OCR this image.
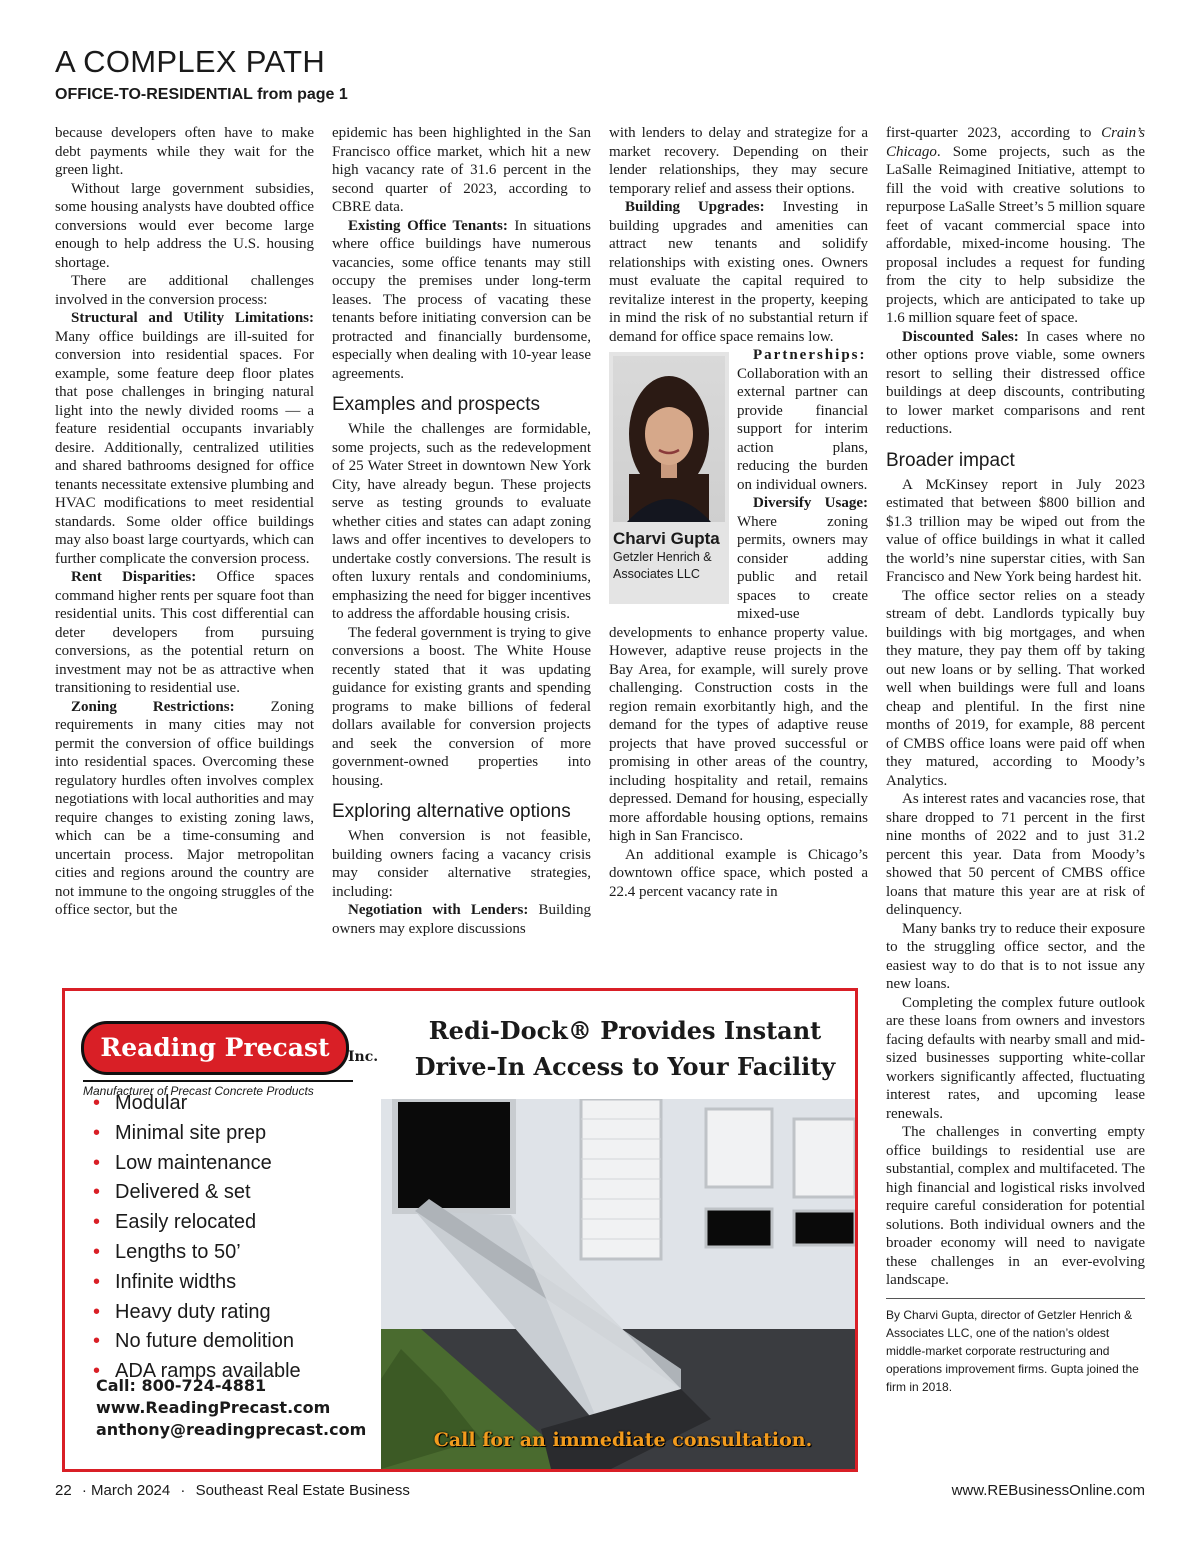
A COMPLEX PATH
OFFICE-TO-RESIDENTIAL from page 1

because developers often have to make debt payments while they wait for the green light.

Without large government subsidies, some housing analysts have doubted office conversions would ever become large enough to help address the U.S. housing shortage.

There are additional challenges involved in the conversion process:

Structural and Utility Limitations: Many office buildings are ill-suited for conversion into residential spaces. For example, some feature deep floor plates that pose challenges in bringing natural light into the newly divided rooms — a feature residential occupants invariably desire. Additionally, centralized utilities and shared bathrooms designed for office tenants necessitate extensive plumbing and HVAC modifications to meet residential standards. Some older office buildings may also boast large courtyards, which can further complicate the conversion process.

Rent Disparities: Office spaces command higher rents per square foot than residential units. This cost differential can deter developers from pursuing conversions, as the potential return on investment may not be as attractive when transitioning to residential use.

Zoning Restrictions: Zoning requirements in many cities may not permit the conversion of office buildings into residential spaces. Overcoming these regulatory hurdles often involves complex negotiations with local authorities and may require changes to existing zoning laws, which can be a time-consuming and uncertain process. Major metropolitan cities and regions around the country are not immune to the ongoing struggles of the office sector, but the

epidemic has been highlighted in the San Francisco office market, which hit a new high vacancy rate of 31.6 percent in the second quarter of 2023, according to CBRE data.

Existing Office Tenants: In situations where office buildings have numerous vacancies, some office tenants may still occupy the premises under long-term leases. The process of vacating these tenants before initiating conversion can be protracted and financially burdensome, especially when dealing with 10-year lease agreements.

Examples and prospects

While the challenges are formidable, some projects, such as the redevelopment of 25 Water Street in downtown New York City, have already begun. These projects serve as testing grounds to evaluate whether cities and states can adapt zoning laws and offer incentives to developers to undertake costly conversions. The result is often luxury rentals and condominiums, emphasizing the need for bigger incentives to address the affordable housing crisis.

The federal government is trying to give conversions a boost. The White House recently stated that it was updating guidance for existing grants and spending programs to make billions of federal dollars available for conversion projects and seek the conversion of more government-owned properties into housing.

Exploring alternative options

When conversion is not feasible, building owners facing a vacancy crisis may consider alternative strategies, including:

Negotiation with Lenders: Building owners may explore discussions

with lenders to delay and strategize for a market recovery. Depending on their lender relationships, they may secure temporary relief and assess their options.

Building Upgrades: Investing in building upgrades and amenities can attract new tenants and solidify relationships with existing ones. Owners must evaluate the capital required to revitalize interest in the property, keeping in mind the risk of no substantial return if demand for office space remains low.

Charvi Gupta
Getzler Henrich & Associates LLC

Partnerships: Collaboration with an external partner can provide financial support for interim action plans, reducing the burden on individual owners.

Diversify Usage: Where zoning permits, owners may consider adding public and retail spaces to create mixed-use developments to enhance property value. However, adaptive reuse projects in the Bay Area, for example, will surely prove challenging. Construction costs in the region remain exorbitantly high, and the demand for the types of adaptive reuse projects that have proved successful or promising in other areas of the country, including hospitality and retail, remains depressed. Demand for housing, especially more affordable housing options, remains high in San Francisco.

An additional example is Chicago’s downtown office space, which posted a 22.4 percent vacancy rate in

first-quarter 2023, according to Crain’s Chicago. Some projects, such as the LaSalle Reimagined Initiative, attempt to fill the void with creative solutions to repurpose LaSalle Street’s 5 million square feet of vacant commercial space into affordable, mixed-income housing. The proposal includes a request for funding from the city to help subsidize the projects, which are anticipated to take up 1.6 million square feet of space.

Discounted Sales: In cases where no other options prove viable, some owners resort to selling their distressed office buildings at deep discounts, contributing to lower market comparisons and rent reductions.

Broader impact

A McKinsey report in July 2023 estimated that between $800 billion and $1.3 trillion may be wiped out from the value of office buildings in what it called the world’s nine superstar cities, with San Francisco and New York being hardest hit.

The office sector relies on a steady stream of debt. Landlords typically buy buildings with big mortgages, and when they mature, they pay them off by taking out new loans or by selling. That worked well when buildings were full and loans cheap and plentiful. In the first nine months of 2019, for example, 88 percent of CMBS office loans were paid off when they matured, according to Moody’s Analytics.

As interest rates and vacancies rose, that share dropped to 71 percent in the first nine months of 2022 and to just 31.2 percent this year. Data from Moody’s showed that 50 percent of CMBS office loans that mature this year are at risk of delinquency.

Many banks try to reduce their exposure to the struggling office sector, and the easiest way to do that is to not issue any new loans.

Completing the complex future outlook are these loans from owners and investors facing defaults with nearby small and mid-sized businesses supporting white-collar workers significantly affected, fluctuating interest rates, and upcoming lease renewals.

The challenges in converting empty office buildings to residential use are substantial, complex and multifaceted. The high financial and logistical risks involved require careful consideration for potential solutions. Both individual owners and the broader economy will need to navigate these challenges in an ever-evolving landscape.

By Charvi Gupta, director of Getzler Henrich & Associates LLC, one of the nation’s oldest middle-market corporate restructuring and operations improvement firms. Gupta joined the firm in 2018.
Reading Precast	Inc.
Manufacturer of Precast Concrete Products
Redi-Dock® Provides Instant
Drive-In Access to Your Facility
• Modular
• Minimal site prep
• Low maintenance
• Delivered & set
• Easily relocated
• Lengths to 50’
• Infinite widths
• Heavy duty rating
• No future demolition
• ADA ramps available
Call: 800-724-4881
www.ReadingPrecast.com
anthony@readingprecast.com	Call for an immediate consultation.
22 · March 2024 · Southeast Real Estate Business	www.REBusinessOnline.com
